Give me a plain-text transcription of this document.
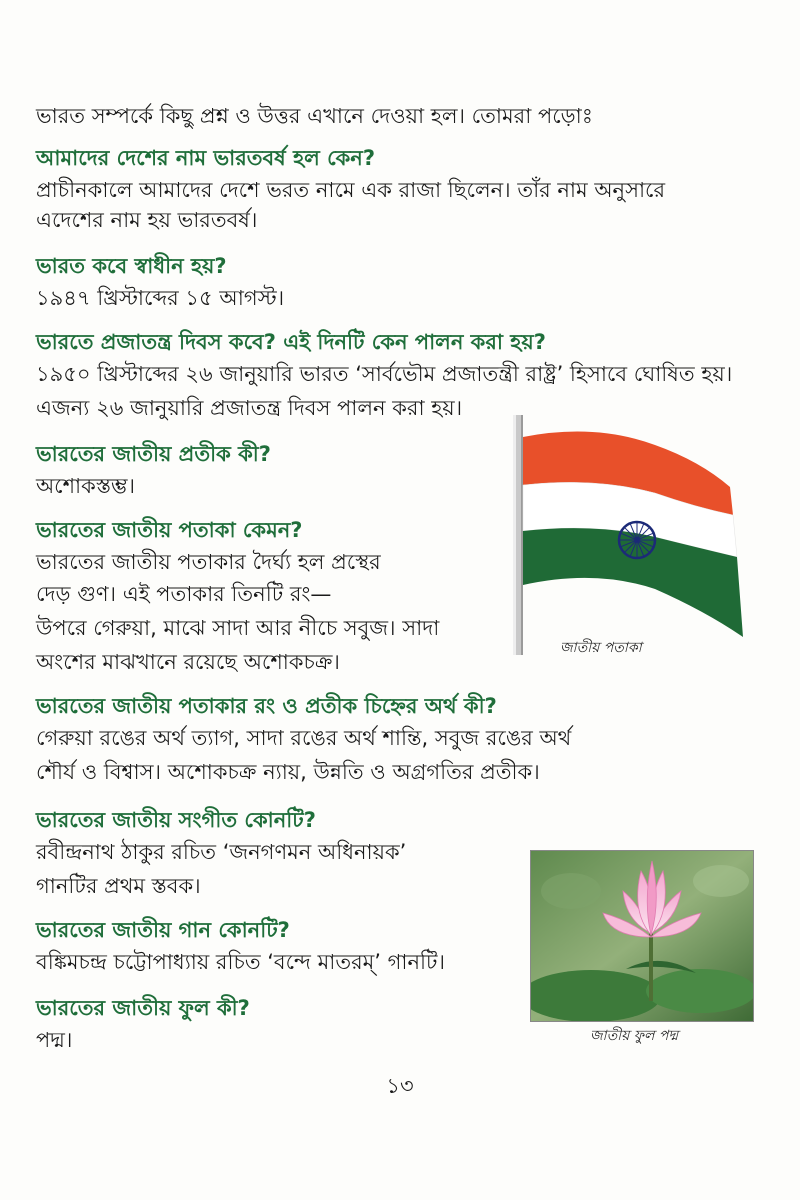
ভারত সম্পর্কে কিছু প্রশ্ন ও উত্তর এখানে দেওয়া হল। তোমরা পড়োঃ
আমাদের দেশের নাম ভারতবর্ষ হল কেন?
প্রাচীনকালে আমাদের দেশে ভরত নামে এক রাজা ছিলেন। তাঁর নাম অনুসারে
এদেশের নাম হয় ভারতবর্ষ।
ভারত কবে স্বাধীন হয়?
১৯৪৭ খ্রিস্টাব্দের ১৫ আগস্ট।
ভারতে প্রজাতন্ত্র দিবস কবে? এই দিনটি কেন পালন করা হয়?
১৯৫০ খ্রিস্টাব্দের ২৬ জানুয়ারি ভারত ‘সার্বভৌম প্রজাতন্ত্রী রাষ্ট্র’ হিসাবে ঘোষিত হয়।
এজন্য ২৬ জানুয়ারি প্রজাতন্ত্র দিবস পালন করা হয়।
ভারতের জাতীয় প্রতীক কী?
অশোকস্তম্ভ।
ভারতের জাতীয় পতাকা কেমন?
ভারতের জাতীয় পতাকার দৈর্ঘ্য হল প্রস্থের
দেড় গুণ। এই পতাকার তিনটি রং—
উপরে গেরুয়া, মাঝে সাদা আর নীচে সবুজ। সাদা
অংশের মাঝখানে রয়েছে অশোকচক্র।
ভারতের জাতীয় পতাকার রং ও প্রতীক চিহ্নের অর্থ কী?
গেরুয়া রঙের অর্থ ত্যাগ, সাদা রঙের অর্থ শান্তি, সবুজ রঙের অর্থ
শৌর্য ও বিশ্বাস। অশোকচক্র ন্যায়, উন্নতি ও অগ্রগতির প্রতীক।
ভারতের জাতীয় সংগীত কোনটি?
রবীন্দ্রনাথ ঠাকুর রচিত ‘জনগণমন অধিনায়ক’
গানটির প্রথম স্তবক।
ভারতের জাতীয় গান কোনটি?
বঙ্কিমচন্দ্র চট্টোপাধ্যায় রচিত ‘বন্দে মাতরম্’ গানটি।
ভারতের জাতীয় ফুল কী?
পদ্ম।
জাতীয় পতাকা
জাতীয় ফুল পদ্ম
১৩
